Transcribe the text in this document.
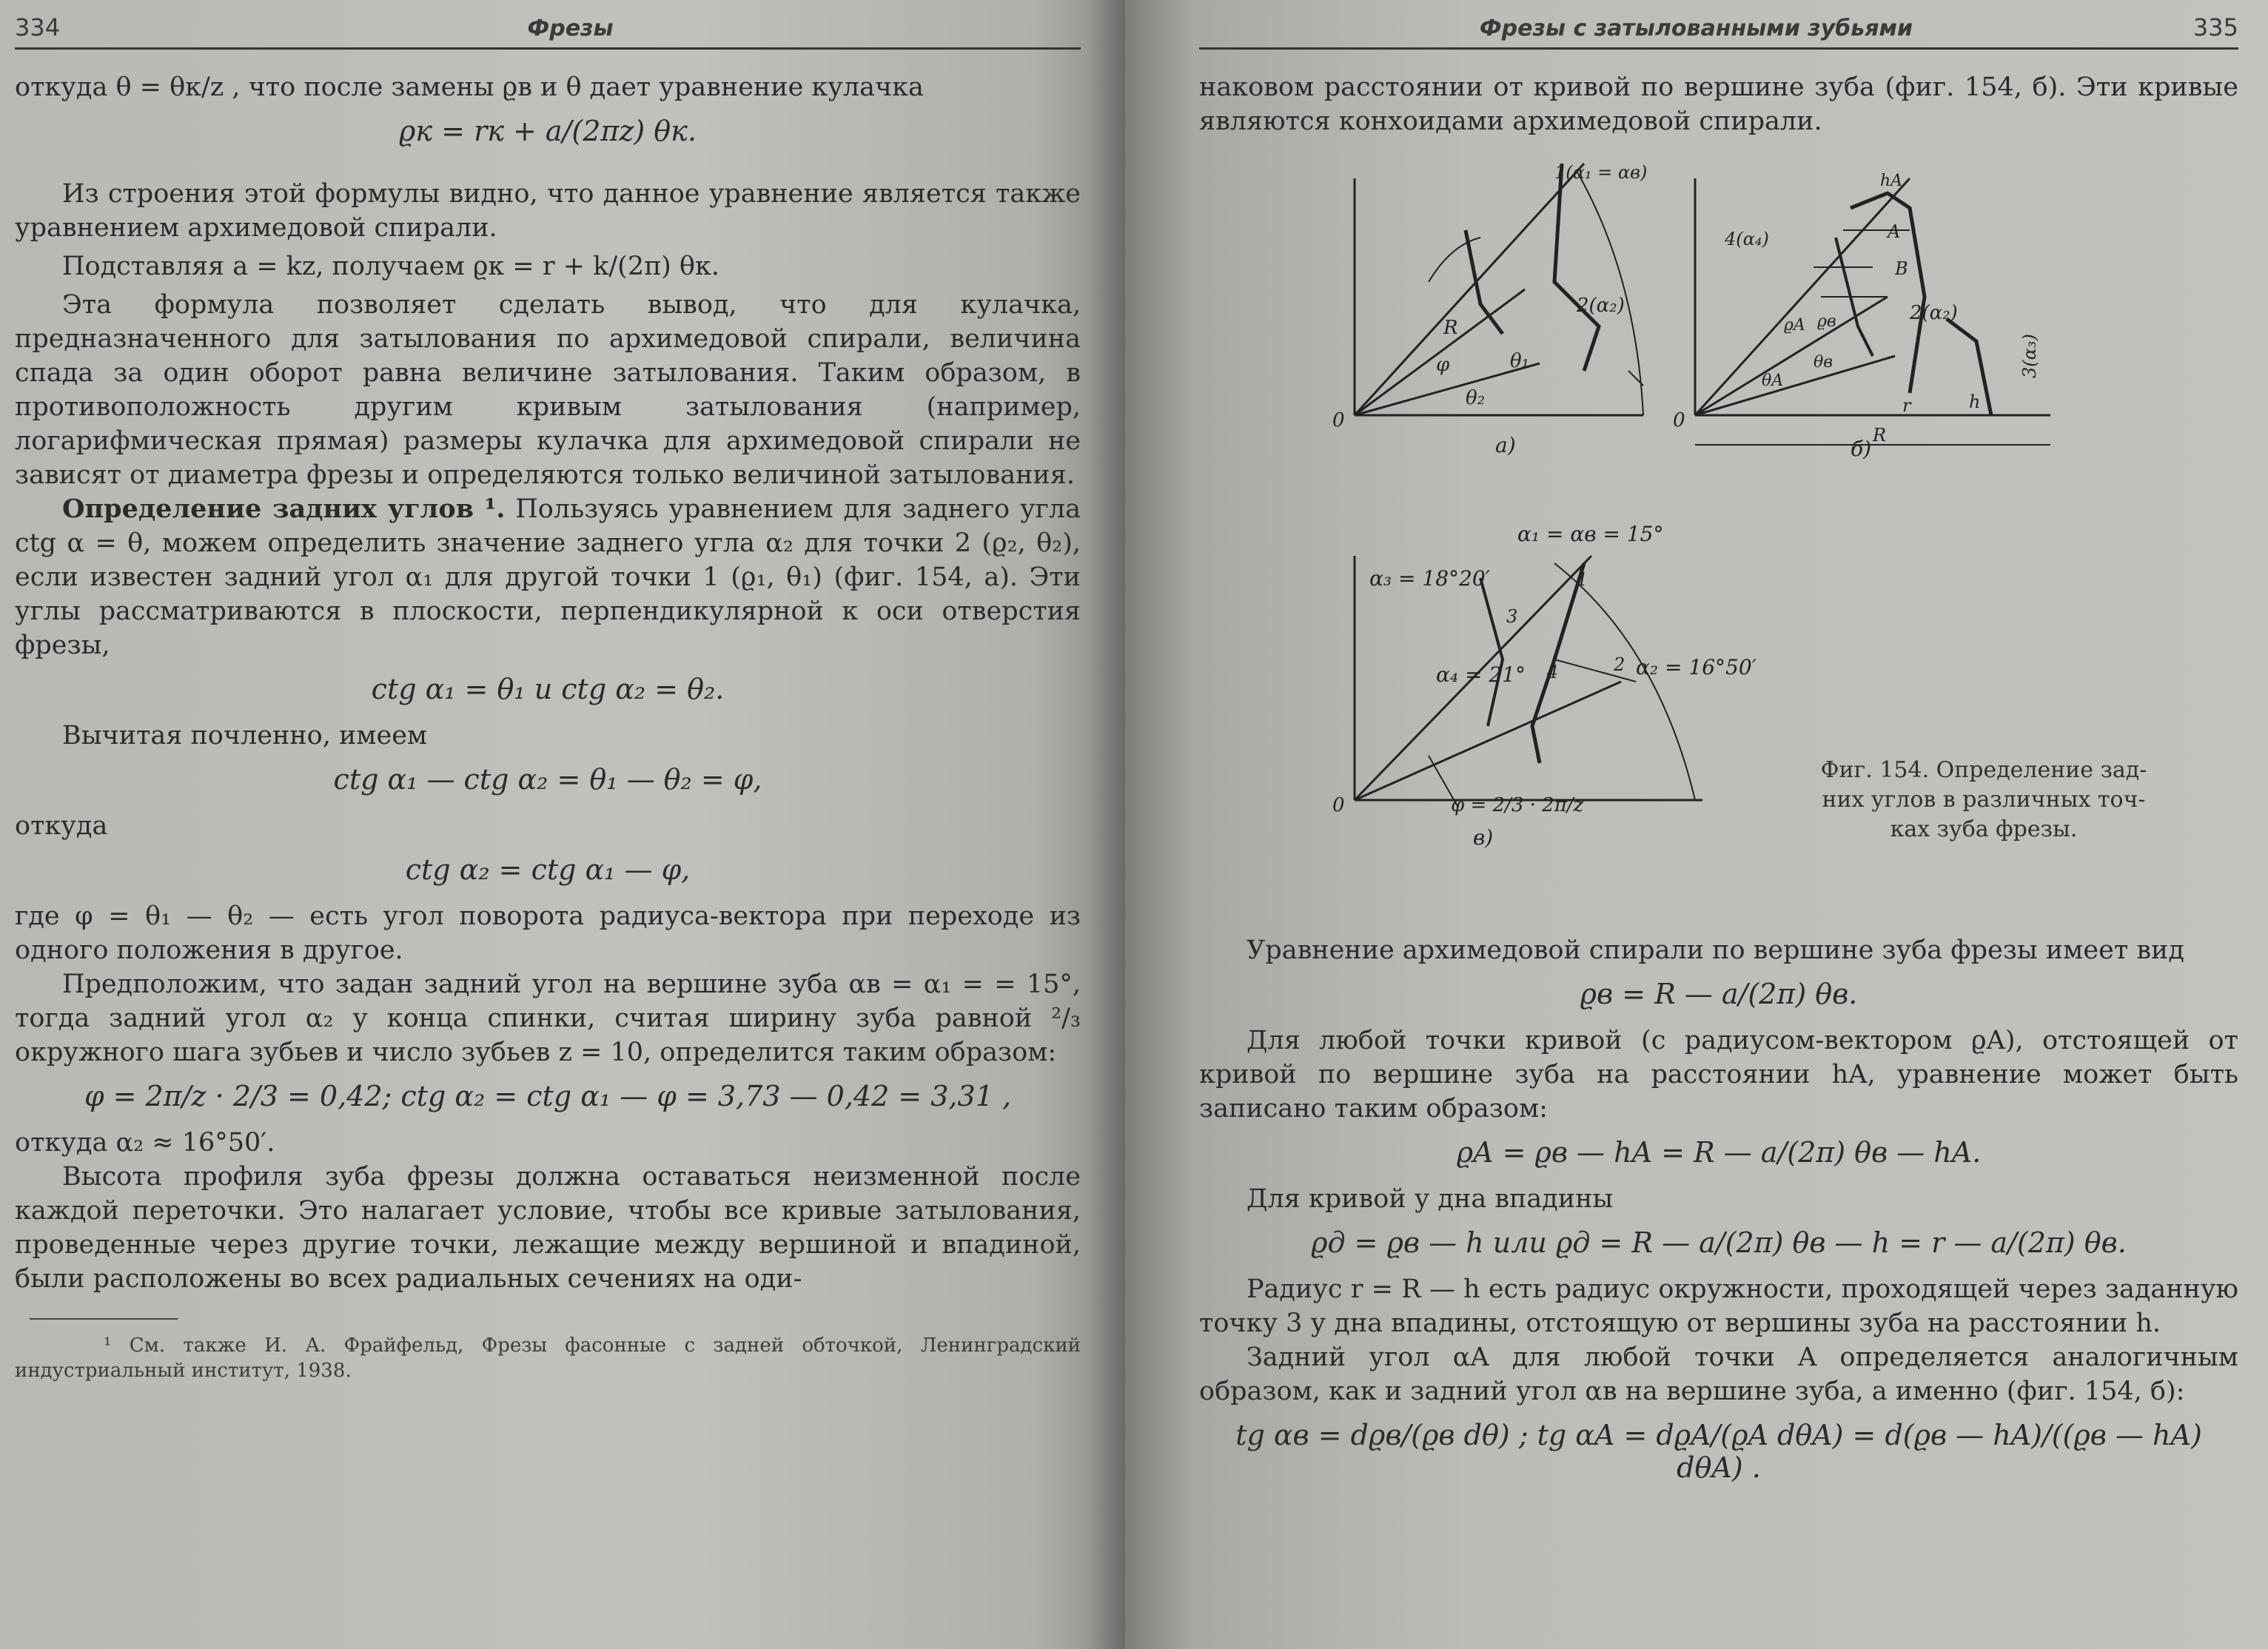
334	Фрезы

откуда θ = θк/z , что после замены ϱв и θ дает уравнение кулачка

ϱк = rк + a/(2πz) θк.

Из строения этой формулы видно, что данное уравнение является также уравнением архимедовой спирали.

Подставляя a = kz, получаем ϱк = r + k/(2π) θк.

Эта формула позволяет сделать вывод, что для кулачка, предназначенного для затылования по архимедовой спирали, величина спада за один оборот равна величине затылования. Таким образом, в противоположность другим кривым затылования (например, логарифмическая прямая) размеры кулачка для архимедовой спирали не зависят от диаметра фрезы и определяются только величиной затылования.

Определение задних углов ¹. Пользуясь уравнением для заднего угла ctg α = θ, можем определить значение заднего угла α₂ для точки 2 (ϱ₂, θ₂), если известен задний угол α₁ для другой точки 1 (ϱ₁, θ₁) (фиг. 154, а). Эти углы рассматриваются в плоскости, перпендикулярной к оси отверстия фрезы,

ctg α₁ = θ₁ и ctg α₂ = θ₂.

Вычитая почленно, имеем

ctg α₁ — ctg α₂ = θ₁ — θ₂ = φ,

откуда

ctg α₂ = ctg α₁ — φ,

где φ = θ₁ — θ₂ — есть угол поворота радиуса-вектора при переходе из одного положения в другое.

Предположим, что задан задний угол на вершине зуба αв = α₁ = = 15°, тогда задний угол α₂ у конца спинки, считая ширину зуба равной ²/₃ окружного шага зубьев и число зубьев z = 10, определится таким образом:

φ = 2π/z · 2/3 = 0,42; ctg α₂ = ctg α₁ — φ = 3,73 — 0,42 = 3,31 ,

откуда α₂ ≈ 16°50′.

Высота профиля зуба фрезы должна оставаться неизменной после каждой переточки. Это налагает условие, чтобы все кривые затылования, проведенные через другие точки, лежащие между вершиной и впадиной, были расположены во всех радиальных сечениях на оди-

¹ См. также И. А. Фрайфельд, Фрезы фасонные с задней обточкой, Ленинградский индустриальный институт, 1938.

Фрезы с затылованными зубьями	335

наковом расстоянии от кривой по вершине зуба (фиг. 154, б). Эти кривые являются конхоидами архимедовой спирали.

0
R
φ	θ₁
θ₂
1(α₁ = αв)
2(α₂)
а)
0
4(α₄)
2(α₂)
3(α₃)
hA
A
B
ϱA ϱв
θA
θв
r	h
R
б)
α₁ = αв = 15°
α₃ = 18°20′
α₄ = 21°	α₂ = 16°50′
0
1
2
3
4
φ = 2/3 · 2π/z
в)
Фиг. 154. Определение зад-
них углов в различных точ-
ках зуба фрезы.

Уравнение архимедовой спирали по вершине зуба фрезы имеет вид

ϱв = R — a/(2π) θв.

Для любой точки кривой (с радиусом-вектором ϱA), отстоящей от кривой по вершине зуба на расстоянии hA, уравнение может быть записано таким образом:

ϱA = ϱв — hA = R — a/(2π) θв — hA.

Для кривой у дна впадины

ϱд = ϱв — h или ϱд = R — a/(2π) θв — h = r — a/(2π) θв.

Радиус r = R — h есть радиус окружности, проходящей через заданную точку 3 у дна впадины, отстоящую от вершины зуба на расстоянии h.

Задний угол αA для любой точки A определяется аналогичным образом, как и задний угол αв на вершине зуба, а именно (фиг. 154, б):

tg αв = dϱв/(ϱв dθ) ; tg αA = dϱA/(ϱA dθA) = d(ϱв — hA)/((ϱв — hA) dθA) .
